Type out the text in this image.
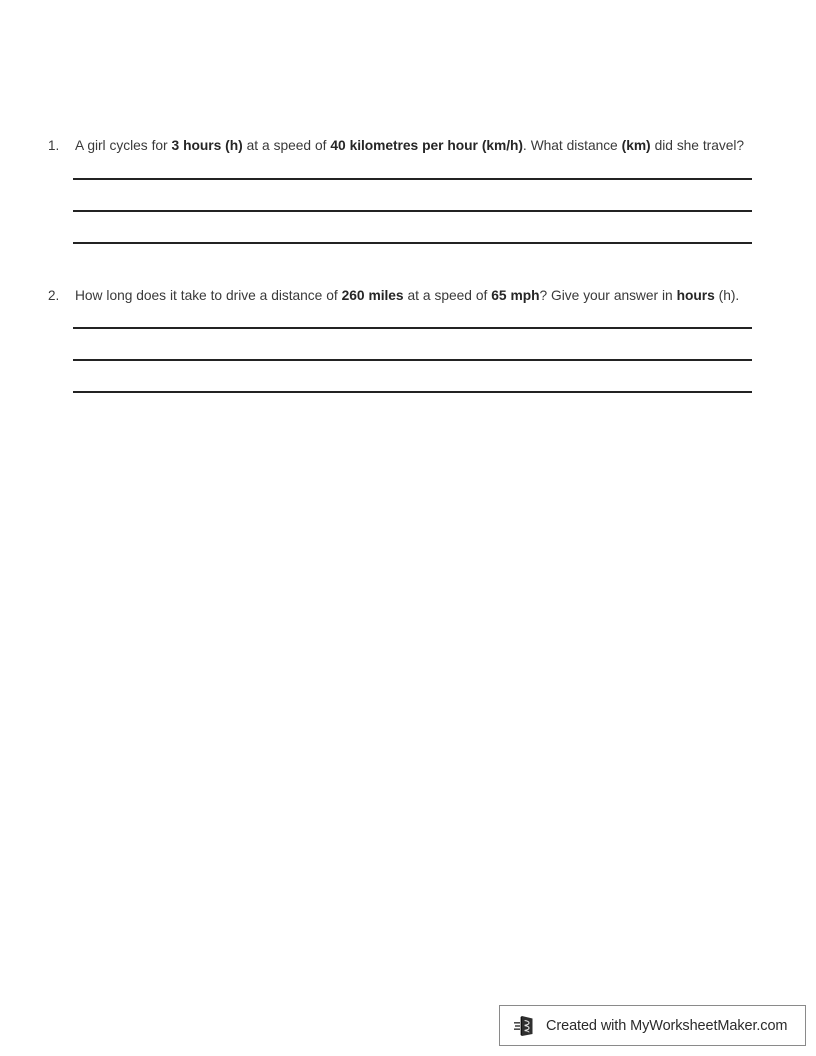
1.	A girl cycles for 3 hours (h) at a speed of 40 kilometres per hour (km/h). What distance (km) did she travel?
2.	How long does it take to drive a distance of 260 miles at a speed of 65 mph? Give your answer in hours (h).
Created with MyWorksheetMaker.com
